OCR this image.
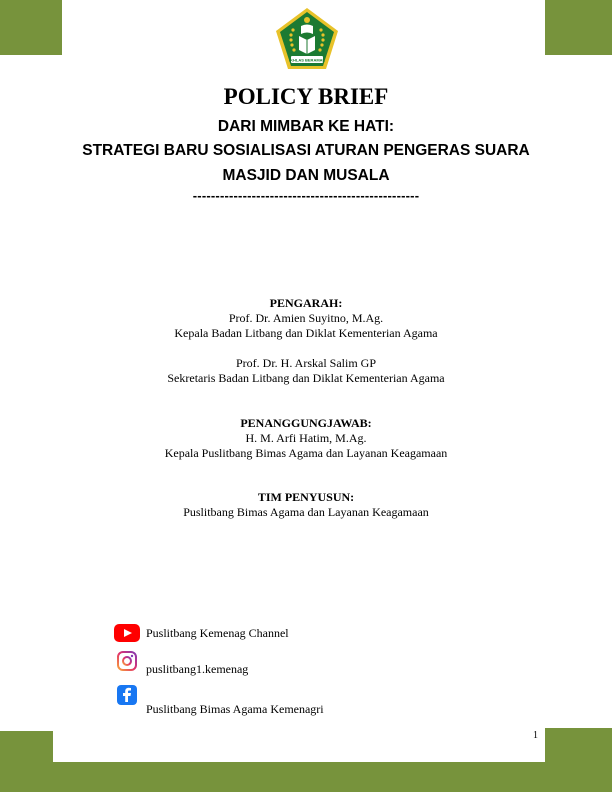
IKHLAS BERAMAL
POLICY BRIEF
DARI MIMBAR KE HATI:
STRATEGI BARU SOSIALISASI ATURAN PENGERAS SUARA
MASJID DAN MUSALA
--------------------------------------------------
PENGARAH:
Prof. Dr. Amien Suyitno, M.Ag.
Kepala Badan Litbang dan Diklat Kementerian Agama
Prof. Dr. H. Arskal Salim GP
Sekretaris Badan Litbang dan Diklat Kementerian Agama
PENANGGUNGJAWAB:
H. M. Arfi Hatim, M.Ag.
Kepala Puslitbang Bimas Agama dan Layanan Keagamaan
TIM PENYUSUN:
Puslitbang Bimas Agama dan Layanan Keagamaan
Puslitbang Kemenag Channel
puslitbang1.kemenag
Puslitbang Bimas Agama Kemenagri
1
